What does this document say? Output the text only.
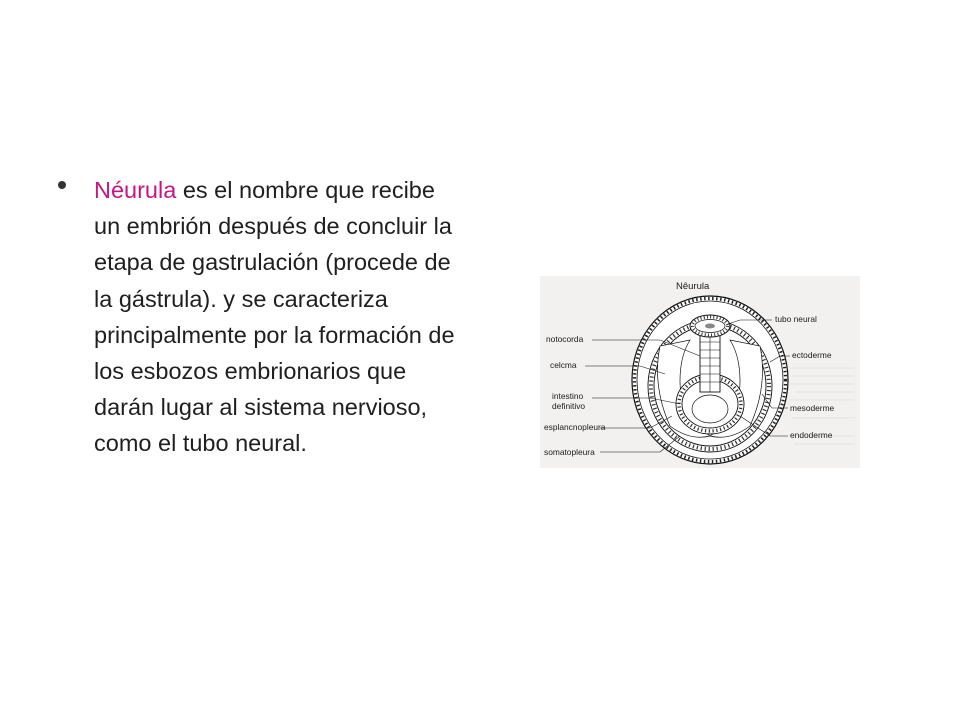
Néurula es el nombre que recibe un embrión después de concluir la etapa de gastrulación (procede de la gástrula). y se caracteriza principalmente por la formación de los esbozos embrionarios que darán lugar al sistema nervioso, como el tubo neural.
Nêurula
notocorda
celcma
intestino
definitivo
esplancnopleura
somatopleura
tubo neural
ectoderme
mesoderme
endoderme
